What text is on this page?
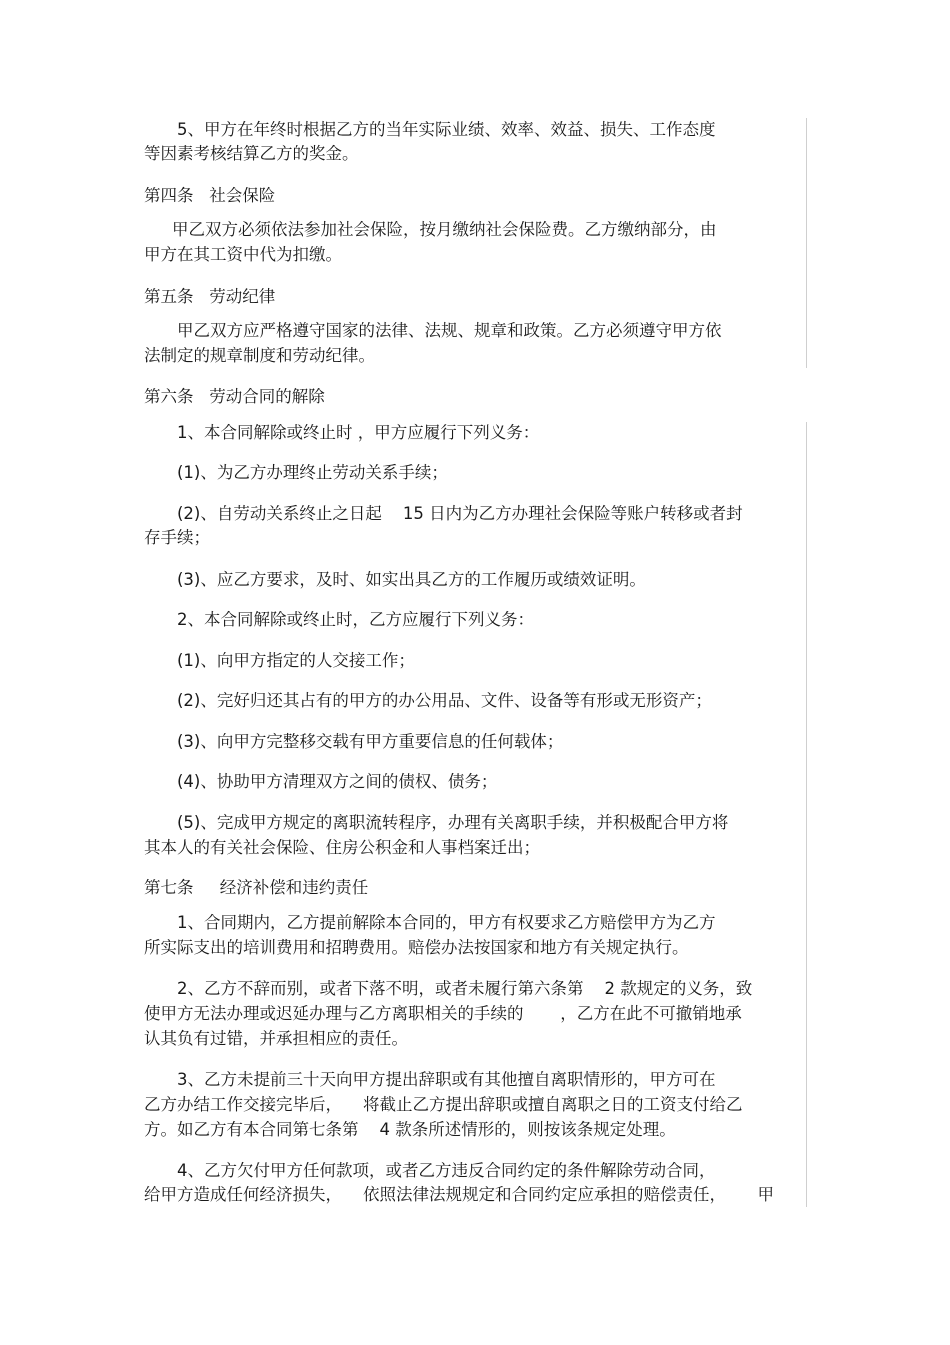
5、甲方在年终时根据乙方的当年实际业绩、效率、效益、损失、工作态度

等因素考核结算乙方的奖金。

第四条   社会保险

甲乙双方必须依法参加社会保险，按月缴纳社会保险费。乙方缴纳部分，由

甲方在其工资中代为扣缴。

第五条   劳动纪律

甲乙双方应严格遵守国家的法律、法规、规章和政策。乙方必须遵守甲方依

法制定的规章制度和劳动纪律。

第六条   劳动合同的解除

1、本合同解除或终止时 ，甲方应履行下列义务：

(1)、为乙方办理终止劳动关系手续；

(2)、自劳动关系终止之日起    15 日内为乙方办理社会保险等账户转移或者封

存手续；

(3)、应乙方要求，及时、如实出具乙方的工作履历或绩效证明。

2、本合同解除或终止时，乙方应履行下列义务：

(1)、向甲方指定的人交接工作；

(2)、完好归还其占有的甲方的办公用品、文件、设备等有形或无形资产；

(3)、向甲方完整移交载有甲方重要信息的任何载体；

(4)、协助甲方清理双方之间的债权、债务；

(5)、完成甲方规定的离职流转程序，办理有关离职手续，并积极配合甲方将

其本人的有关社会保险、住房公积金和人事档案迁出；

第七条     经济补偿和违约责任

1、合同期内，乙方提前解除本合同的，甲方有权要求乙方赔偿甲方为乙方

所实际支出的培训费用和招聘费用。赔偿办法按国家和地方有关规定执行。

2、乙方不辞而别，或者下落不明，或者未履行第六条第    2 款规定的义务，致

使甲方无法办理或迟延办理与乙方离职相关的手续的       ，乙方在此不可撤销地承

认其负有过错，并承担相应的责任。

3、乙方未提前三十天向甲方提出辞职或有其他擅自离职情形的，甲方可在

乙方办结工作交接完毕后，    将截止乙方提出辞职或擅自离职之日的工资支付给乙

方。如乙方有本合同第七条第    4 款条所述情形的，则按该条规定处理。

4、乙方欠付甲方任何款项，或者乙方违反合同约定的条件解除劳动合同，

给甲方造成任何经济损失，    依照法律法规规定和合同约定应承担的赔偿责任，      甲
